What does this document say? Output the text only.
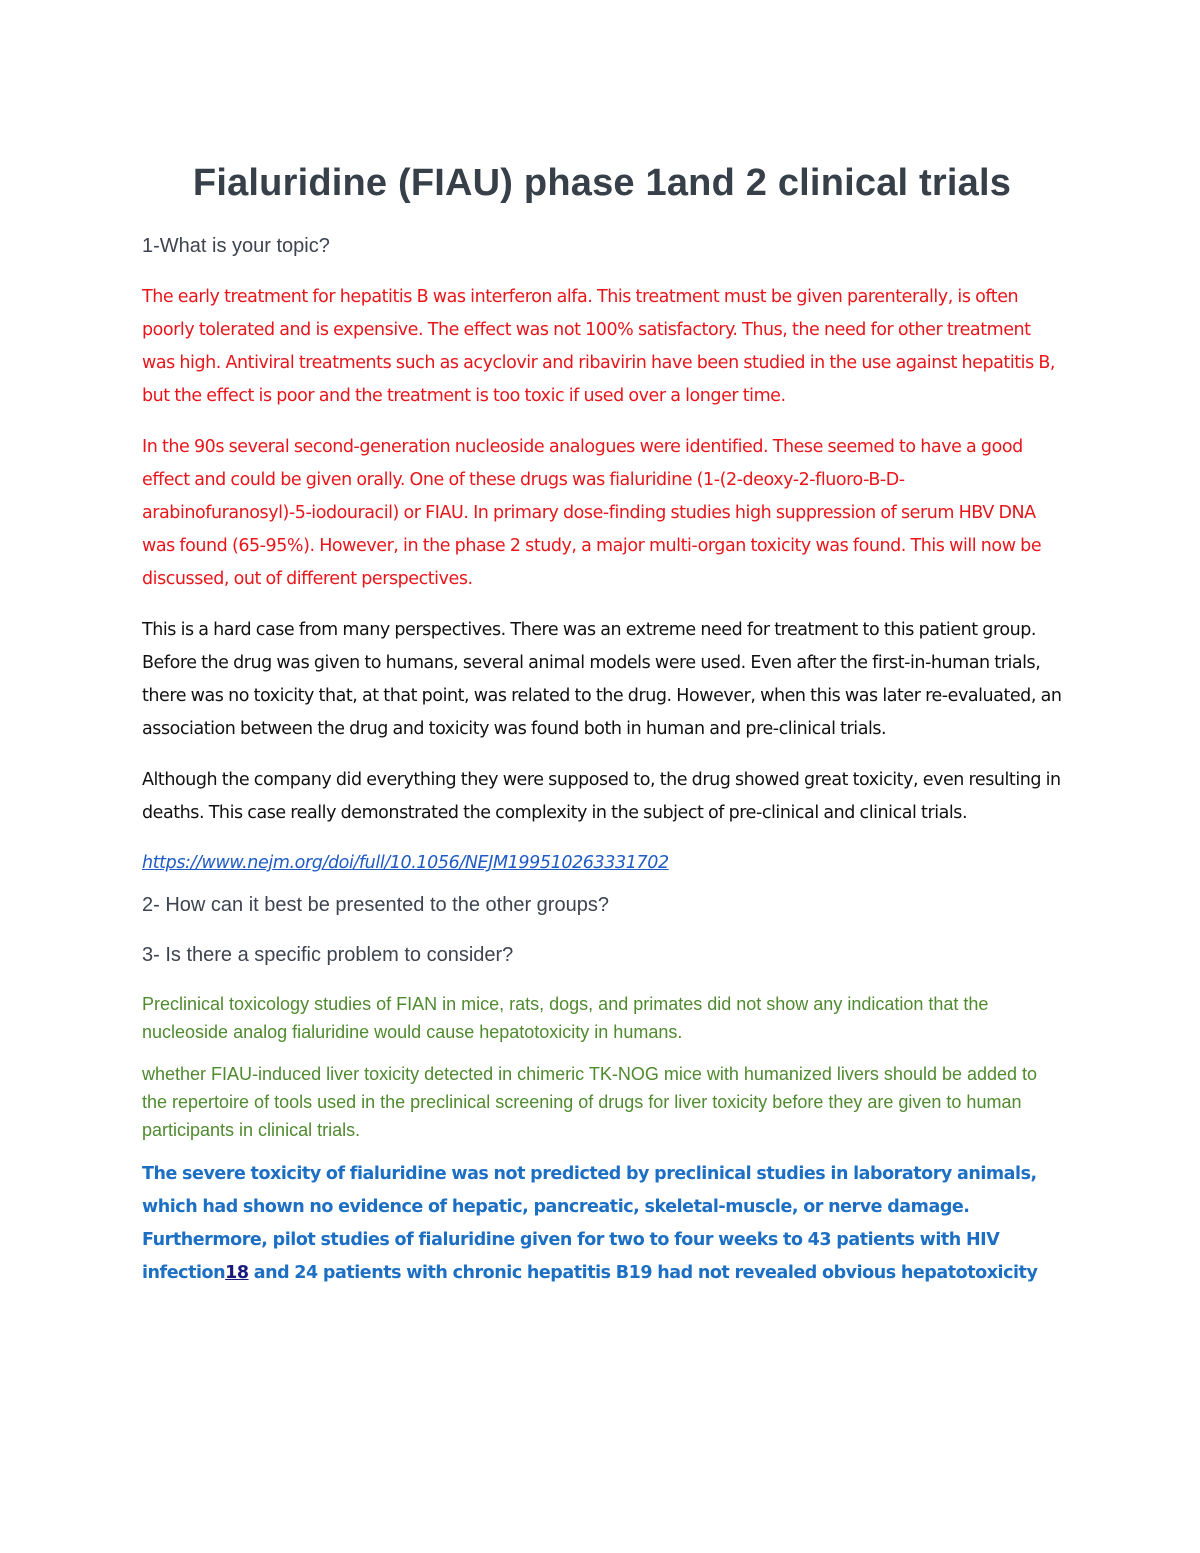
Fialuridine (FIAU) phase 1and 2 clinical trials

1-What is your topic?

The early treatment for hepatitis B was interferon alfa. This treatment must be given parenterally, is often poorly tolerated and is expensive. The effect was not 100% satisfactory. Thus, the need for other treatment was high. Antiviral treatments such as acyclovir and ribavirin have been studied in the use against hepatitis B, but the effect is poor and the treatment is too toxic if used over a longer time.

In the 90s several second-generation nucleoside analogues were identified. These seemed to have a good effect and could be given orally. One of these drugs was fialuridine (1-(2-deoxy-2-fluoro-B-D-arabinofuranosyl)-5-iodouracil) or FIAU. In primary dose-finding studies high suppression of serum HBV DNA was found (65-95%). However, in the phase 2 study, a major multi-organ toxicity was found. This will now be discussed, out of different perspectives.

This is a hard case from many perspectives. There was an extreme need for treatment to this patient group. Before the drug was given to humans, several animal models were used. Even after the first-in-human trials, there was no toxicity that, at that point, was related to the drug. However, when this was later re-evaluated, an association between the drug and toxicity was found both in human and pre-clinical trials.

Although the company did everything they were supposed to, the drug showed great toxicity, even resulting in deaths. This case really demonstrated the complexity in the subject of pre-clinical and clinical trials.

https://www.nejm.org/doi/full/10.1056/NEJM199510263331702

2- How can it best be presented to the other groups?

3- Is there a specific problem to consider?

Preclinical toxicology studies of FIAN in mice, rats, dogs, and primates did not show any indication that the nucleoside analog fialuridine would cause hepatotoxicity in humans.

whether FIAU-induced liver toxicity detected in chimeric TK-NOG mice with humanized livers should be added to the repertoire of tools used in the preclinical screening of drugs for liver toxicity before they are given to human participants in clinical trials.

The severe toxicity of fialuridine was not predicted by preclinical studies in laboratory animals, which had shown no evidence of hepatic, pancreatic, skeletal-muscle, or nerve damage. Furthermore, pilot studies of fialuridine given for two to four weeks to 43 patients with HIV infection18 and 24 patients with chronic hepatitis B19 had not revealed obvious hepatotoxicity
